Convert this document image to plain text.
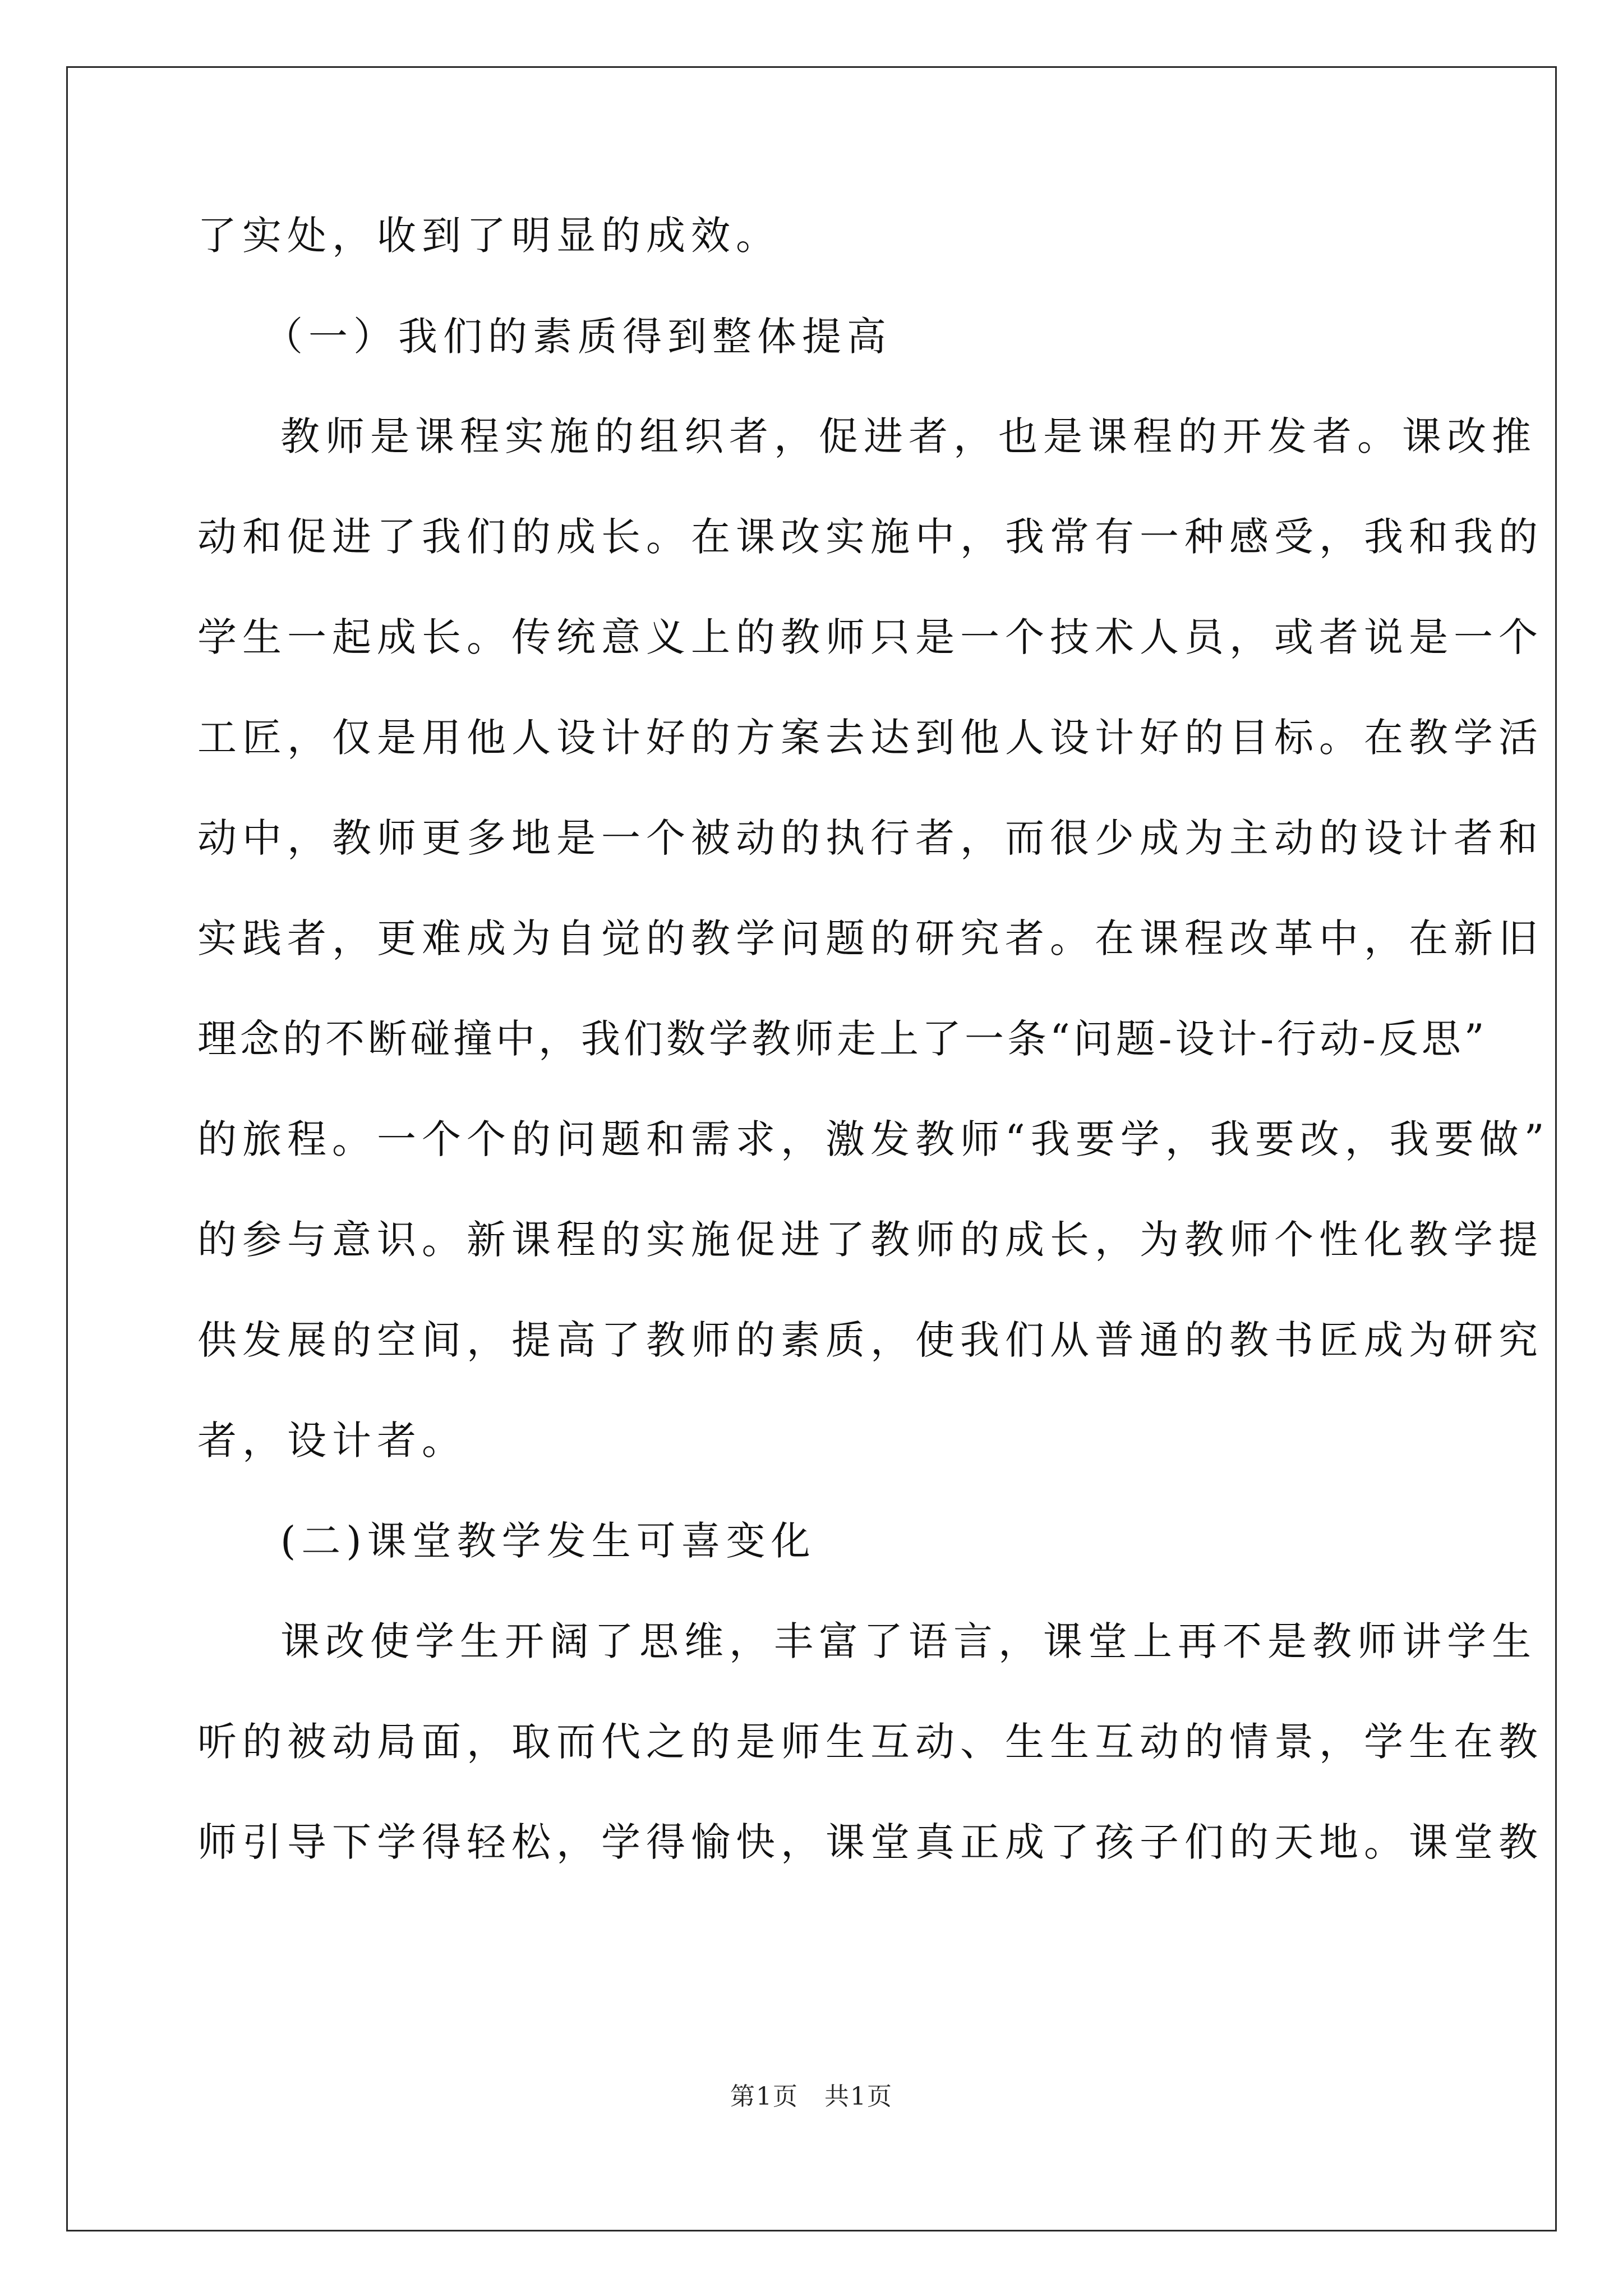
了实处，收到了明显的成效。

（一）我们的素质得到整体提高

教师是课程实施的组织者，促进者，也是课程的开发者。课改推

动和促进了我们的成长。在课改实施中，我常有一种感受，我和我的

学生一起成长。传统意义上的教师只是一个技术人员，或者说是一个

工匠，仅是用他人设计好的方案去达到他人设计好的目标。在教学活

动中，教师更多地是一个被动的执行者，而很少成为主动的设计者和

实践者，更难成为自觉的教学问题的研究者。在课程改革中，在新旧

理念的不断碰撞中，我们数学教师走上了一条“问题-设计-行动-反思”

的旅程。一个个的问题和需求，激发教师“我要学，我要改，我要做”

的参与意识。新课程的实施促进了教师的成长，为教师个性化教学提

供发展的空间，提高了教师的素质，使我们从普通的教书匠成为研究

者，设计者。

(二)课堂教学发生可喜变化

课改使学生开阔了思维，丰富了语言，课堂上再不是教师讲学生

听的被动局面，取而代之的是师生互动、生生互动的情景，学生在教

师引导下学得轻松，学得愉快，课堂真正成了孩子们的天地。课堂教

第1页　共1页
